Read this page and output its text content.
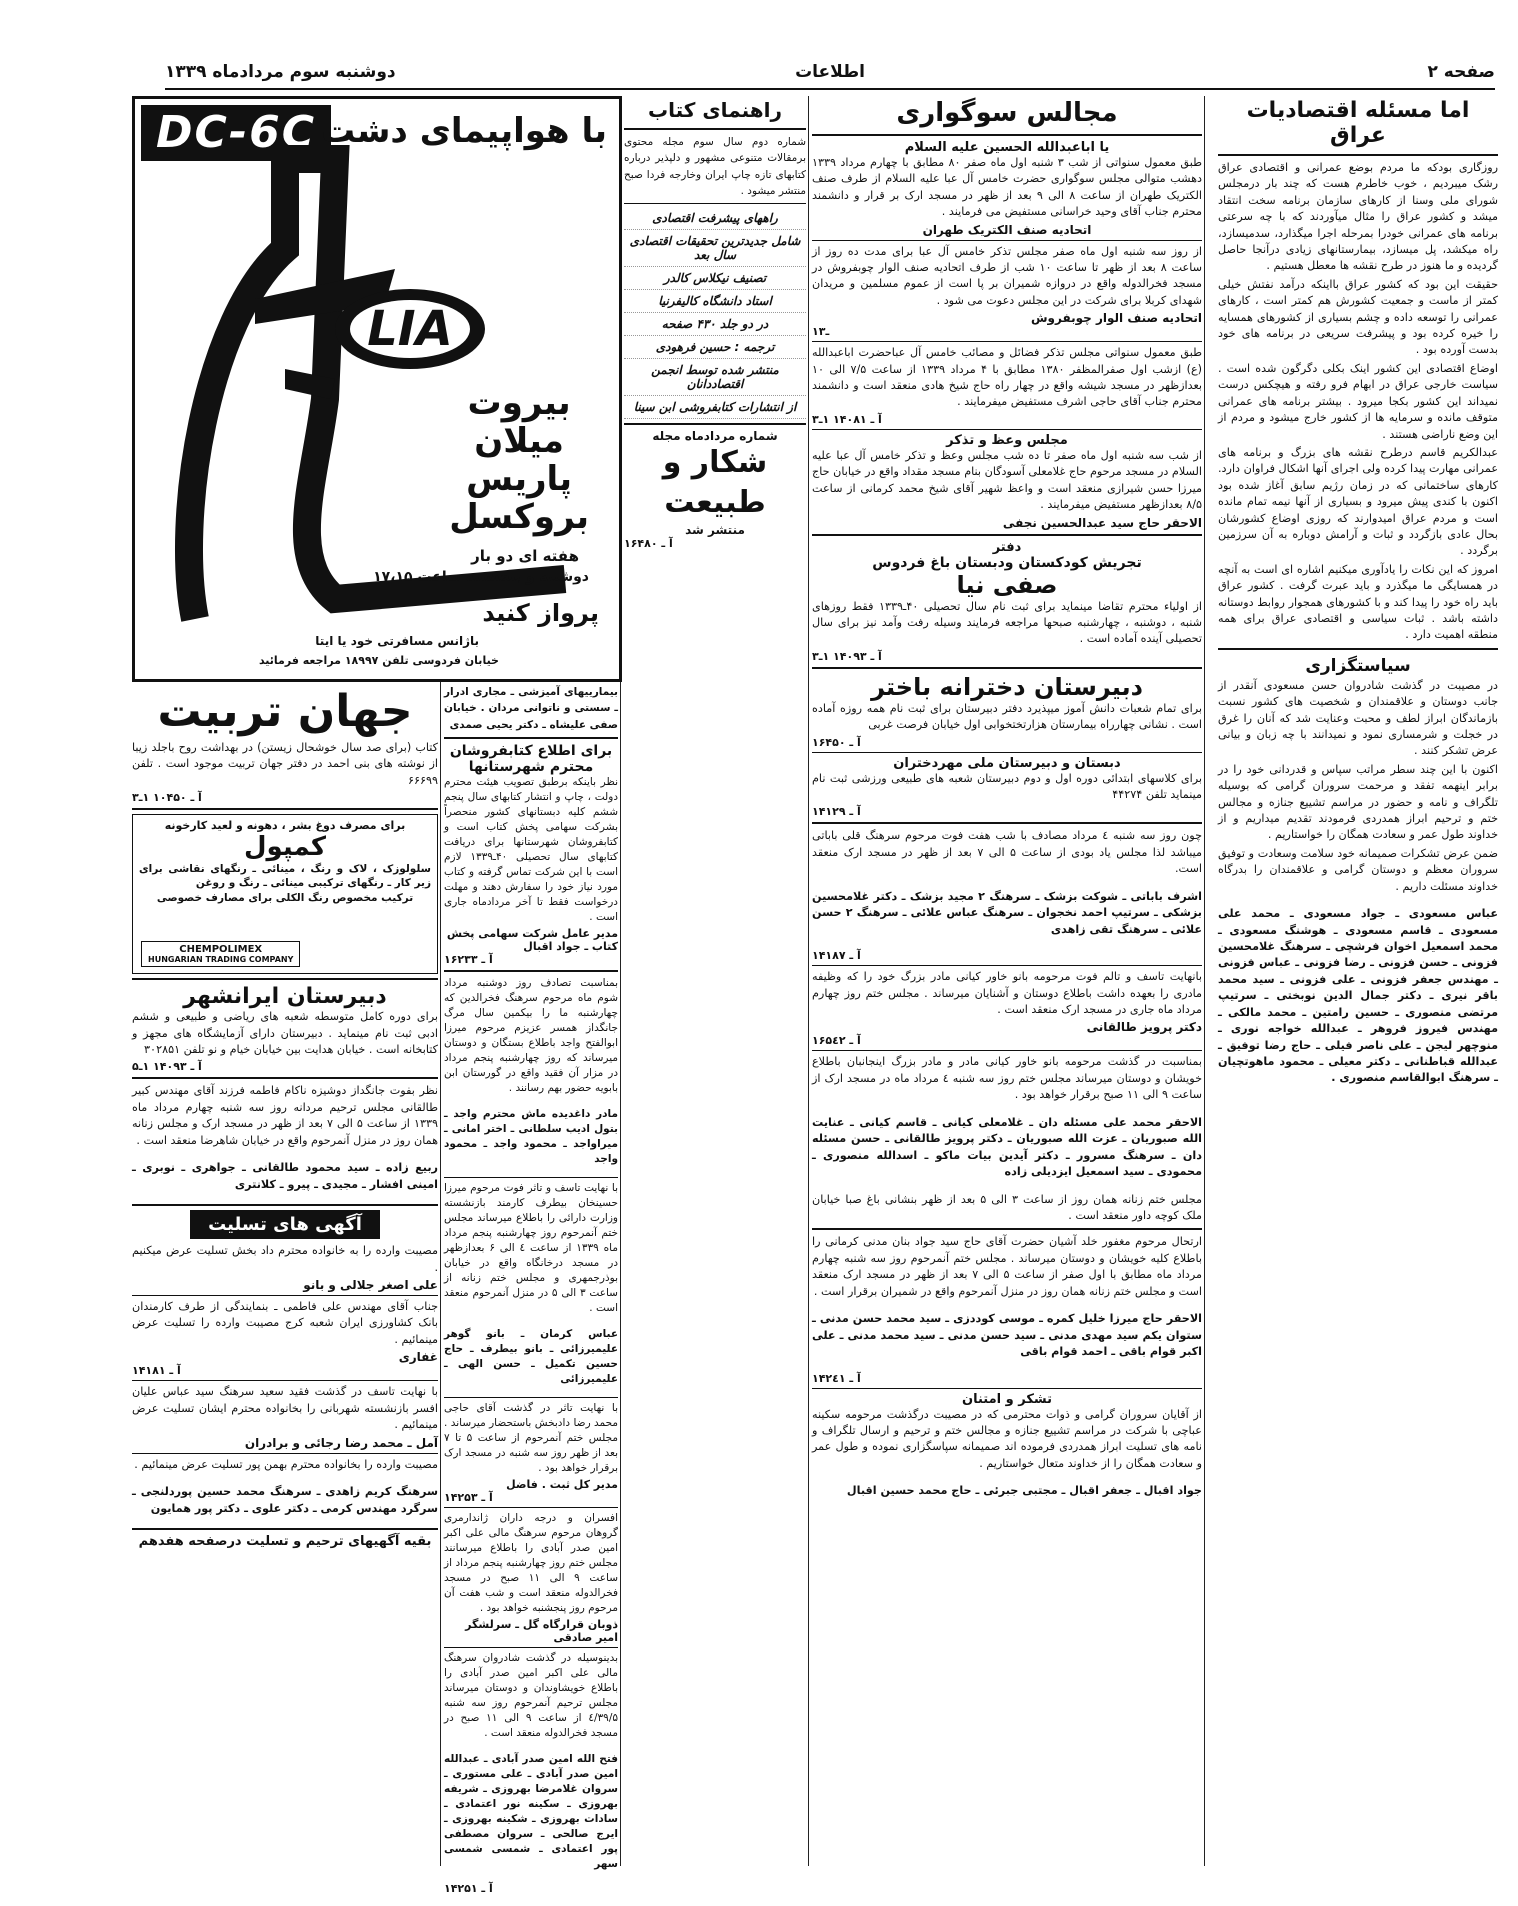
صفحه ۲
اطلاعات
دوشنبه سوم مردادماه ۱۳۳۹
اما مسئله اقتصادیات عراق

روزگاری بودکه ما مردم بوضع عمرانی و اقتصادی عراق رشک میبردیم ، خوب خاطرم هست که چند بار درمجلس شورای ملی وسنا از کارهای سازمان برنامه سخت انتقاد میشد و کشور عراق را مثال میآوردند که با چه سرعتی برنامه های عمرانی خودرا بمرحله اجرا میگذارد، سدمیسازد، راه میکشد، پل میسازد، بیمارستانهای زیادی درآنجا حاصل گردیده و ما هنوز در طرح نقشه ها معطل هستیم .

حقیقت این بود که کشور عراق بااینکه درآمد نفتش خیلی کمتر از ماست و جمعیت کشورش هم کمتر است ، کارهای عمرانی را توسعه داده و چشم بسیاری از کشورهای همسایه را خیره کرده بود و پیشرفت سریعی در برنامه های خود بدست آورده بود .

اوضاع اقتصادی این کشور اینک بکلی دگرگون شده است . سیاست خارجی عراق در ابهام فرو رفته و هیچکس درست نمیداند این کشور بکجا میرود . بیشتر برنامه های عمرانی متوقف مانده و سرمایه ها از کشور خارج میشود و مردم از این وضع ناراضی هستند .

عبدالکریم قاسم درطرح نقشه های بزرگ و برنامه های عمرانی مهارت پیدا کرده ولی اجرای آنها اشکال فراوان دارد. کارهای ساختمانی که در زمان رژیم سابق آغاز شده بود اکنون با کندی پیش میرود و بسیاری از آنها نیمه تمام مانده است و مردم عراق امیدوارند که روزی اوضاع کشورشان بحال عادی بازگردد و ثبات و آرامش دوباره به آن سرزمین برگردد .

امروز که این نکات را یادآوری میکنیم اشاره ای است به آنچه در همسایگی ما میگذرد و باید عبرت گرفت . کشور عراق باید راه خود را پیدا کند و با کشورهای همجوار روابط دوستانه داشته باشد . ثبات سیاسی و اقتصادی عراق برای همه منطقه اهمیت دارد .

سیاستگزاری

در مصیبت در گذشت شادروان حسن مسعودی آنقدر از جانب دوستان و علاقمندان و شخصیت های کشور نسبت بازماندگان ابراز لطف و محبت وعنایت شد که آنان را غرق در خجلت و شرمساری نمود و نمیدانند با چه زبان و بیانی عرض تشکر کنند .

اکنون با این چند سطر مراتب سپاس و قدردانی خود را در برابر اینهمه تفقد و مرحمت سروران گرامی که بوسیله تلگراف و نامه و حضور در مراسم تشییع جنازه و مجالس ختم و ترحیم ابراز همدردی فرمودند تقدیم میداریم و از خداوند طول عمر و سعادت همگان را خواستاریم .

ضمن عرض تشکرات صمیمانه خود سلامت وسعادت و توفیق سروران معظم و دوستان گرامی و علاقمندان را بدرگاه خداوند مسئلت داریم .

عباس مسعودی ـ جواد مسعودی ـ محمد علی مسعودی ـ قاسم مسعودی ـ هوشنگ مسعودی ـ محمد اسمعیل اخوان فرشچی ـ سرهنگ غلامحسین فزونی ـ حسن فزونی ـ رضا فزونی ـ عباس فزونی ـ مهندس جعفر فزونی ـ علی فزونی ـ سید محمد باقر نیری ـ دکتر جمال الدین نوبختی ـ سرتیپ مرتضی منصوری ـ حسین رامتین ـ محمد مالکی ـ مهندس فیروز فروهر ـ عبدالله خواجه نوری ـ منوچهر لیجن ـ علی ناصر فیلی ـ حاج رضا توفیق ـ عبدالله قباطنانی ـ دکتر معیلی ـ محمود ماهوتچیان ـ سرهنگ ابوالقاسم منصوری .

مجالس سوگواری
یا اباعبدالله الحسین علیه السلام

طبق معمول سنواتی از شب ۳ شنبه اول ماه صفر ۸۰ مطابق با چهارم مرداد ۱۳۳۹ دهشب متوالی مجلس سوگواری حضرت خامس آل عبا علیه السلام از طرف صنف الکتریک طهران از ساعت ۸ الی ۹ بعد از ظهر در مسجد ارک بر قرار و دانشمند محترم جناب آقای وحید خراسانی مستفیض می فرمایند .

اتحادیه صنف الکتریک طهران

از روز سه شنبه اول ماه صفر مجلس تذکر خامس آل عبا برای مدت ده روز از ساعت ۸ بعد از ظهر تا ساعت ۱۰ شب از طرف اتحادیه صنف الوار چوبفروش در مسجد فخرالدوله واقع در دروازه شمیران بر پا است از عموم مسلمین و مریدان شهدای کربلا برای شرکت در این مجلس دعوت می شود .

اتحادیه صنف الوار چوبفروش
۱ـ۳

طبق معمول سنواتی مجلس تذکر فضائل و مصائب خامس آل عباحضرت اباعبدالله (ع) ازشب اول صفرالمظفر ۱۳۸۰ مطابق با ۴ مرداد ۱۳۳۹ از ساعت ۷/۵ الی ۱۰ بعدازظهر در مسجد شیشه واقع در چهار راه حاج شیخ هادی منعقد است و دانشمند محترم جناب آقای حاجی اشرف مستفیض میفرمایند .

آ ـ ۱۴۰۸۱ ۱ـ۳
مجلس وعظ و تذکر

از شب سه شنبه اول ماه صفر تا ده شب مجلس وعظ و تذکر خامس آل عبا علیه السلام در مسجد مرحوم حاج غلامعلی آسودگان بنام مسجد مقداد واقع در خیابان حاج میرزا حسن شیرازی منعقد است و واعظ شهیر آقای شیخ محمد کرمانی از ساعت ۸/۵ بعدازظهر مستفیض میفرمایند .

الاحقر حاج سید عبدالحسین نجفی
دفتر
تجریش کودکستان ودبستان باغ فردوس
صفی نیا

از اولیاء محترم تقاضا مینماید برای ثبت نام سال تحصیلی ۴۰ـ۱۳۳۹ فقط روزهای شنبه ، دوشنبه ، چهارشنبه صبحها مراجعه فرمایند وسیله رفت وآمد نیز برای سال تحصیلی آینده آماده است .

آ ـ ۱۴۰۹۳ ۱ـ۳
دبیرستان دخترانه باختر

برای تمام شعبات دانش آموز میپذیرد دفتر دبیرستان برای ثبت نام همه روزه آماده است . نشانی چهارراه بیمارستان هزارتختخوابی اول خیابان فرصت غربی

آ ـ ۱۶۴۵۰
دبستان و دبیرستان ملی مهردختران

برای کلاسهای ابتدائی دوره اول و دوم دبیرستان شعبه های طبیعی ورزشی ثبت نام مینماید تلفن ۴۴۲۷۴

آ ـ ۱۴۱۲۹

چون روز سه شنبه ٤ مرداد مصادف با شب هفت فوت مرحوم سرهنگ قلی باباتی میباشد لذا مجلس یاد بودی از ساعت ۵ الی ۷ بعد از ظهر در مسجد ارک منعقد است.

اشرف باباتی ـ شوکت بزشک ـ سرهنگ ۲ مجید بزشک ـ دکتر غلامحسین بزشکی ـ سرتیپ احمد نخجوان ـ سرهنگ عباس علائی ـ سرهنگ ۲ حسن علائی ـ سرهنگ تقی زاهدی

آ ـ ۱۴۱۸۷

بانهایت تاسف و تالم فوت مرحومه بانو خاور کیانی مادر بزرگ خود را که وظیفه مادری را بعهده داشت باطلاع دوستان و آشنایان میرساند . مجلس ختم روز چهارم مرداد ماه جاری در مسجد ارک منعقد است .

دکتر پرویز طالقانی
آ ـ ۱۶۵٤٢

بمناسبت در گذشت مرحومه بانو خاور کیانی مادر و مادر بزرگ اینجانبان باطلاع خویشان و دوستان میرساند مجلس ختم روز سه شنبه ٤ مرداد ماه در مسجد ارک از ساعت ۹ الی ۱۱ صبح برقرار خواهد بود .

الاحقر محمد علی مسئله دان ـ غلامعلی کیانی ـ قاسم کیانی ـ عنایت الله صبوریان ـ عزت الله صبوریان ـ دکتر پرویز طالقانی ـ حسن مسئله دان ـ سرهنگ مسرور ـ دکتر آیدین بیات ماکو ـ اسدالله منصوری ـ محمودی ـ سید اسمعیل ایزدیلی زاده

مجلس ختم زنانه همان روز از ساعت ۳ الی ۵ بعد از ظهر بنشانی باغ صبا خیابان ملک کوچه داور منعقد است .

ارتحال مرحوم مغفور خلد آشیان حضرت آقای حاج سید جواد بنان مدنی کرمانی را باطلاع کلیه خویشان و دوستان میرساند . مجلس ختم آنمرحوم روز سه شنبه چهارم مرداد ماه مطابق با اول صفر از ساعت ۵ الی ۷ بعد از ظهر در مسجد ارک منعقد است و مجلس ختم زنانه همان روز در منزل آنمرحوم واقع در شمیران برقرار است .

الاحقر حاج میرزا خلیل کمره ـ موسی کوددزی ـ سید محمد حسن مدنی ـ ستوان یکم سید مهدی مدنی ـ سید حسن مدنی ـ سید محمد مدنی ـ علی اکبر قوام باقی ـ احمد قوام باقی

آ ـ ۱۴۲٤١
تشکر و امتنان

از آقایان سروران گرامی و ذوات محترمی که در مصیبت درگذشت مرحومه سکینه عباچی با شرکت در مراسم تشییع جنازه و مجالس ختم و ترحیم و ارسال تلگراف و نامه های تسلیت ابراز همدردی فرموده اند صمیمانه سپاسگزاری نموده و طول عمر و سعادت همگان را از خداوند متعال خواستاریم .

جواد اقبال ـ جعفر اقبال ـ مجتبی جبرئی ـ حاج محمد حسین اقبال

راهنمای کتاب

شماره دوم سال سوم مجله محتوی برمقالات متنوعی مشهور و دلپذیر درباره کتابهای تازه چاپ ایران وخارجه فردا صبح منتشر میشود .

راههای پیشرفت اقتصادی
شامل جدیدترین تحقیقات اقتصادی سال بعد
تصنیف نیکلاس کالدر
استاد دانشگاه کالیفرنیا
در دو جلد ۴۳۰ صفحه
ترجمه : حسین فرهودی
منتشر شده توسط انجمن اقتصاددانان
از انتشارات کتابفروشی ابن سینا
شماره مردادماه مجله
شکار و طبیعت
منتشر شد
آ ـ ۱۶۴۸۰
DC-6C با هواپیمای دشت
LIA
بیروت
میلان
پاریس
بروکسل
هفته ای دو بار
دوشنبه و پنجشنبه ساعت ۱۷،۱۵
پرواز کنید
باژانس مسافرتی خود یا ایتا
خیابان فردوسی تلفن ۱۸۹۹۷ مراجعه فرمائید

بیمارییهای آمیزشی ـ مجاری ادرار ـ سستی و ناتوانی مردان . خیابان صفی علیشاه ـ دکتر یحیی صمدی

برای اطلاع کتابفروشان محترم شهرستانها

نظر باینکه برطبق تصویب هیئت محترم دولت ، چاپ و انتشار کتابهای سال پنجم ششم کلیه دبستانهای کشور منحصراً بشرکت سهامی پخش کتاب است و کتابفروشان شهرستانها برای دریافت کتابهای سال تحصیلی ۴۰ـ۱۳۳۹ لازم است با این شرکت تماس گرفته و کتاب مورد نیاز خود را سفارش دهند و مهلت درخواست فقط تا آخر مردادماه جاری است .

مدیر عامل شرکت سهامی پخش کتاب ـ جواد اقبال
آ ـ ۱۶۲۳۳

بمناسبت تصادف روز دوشنبه مرداد شوم ماه مرحوم سرهنگ فخرالدین که چهارشنبه ما را بیکمین سال مرگ جانگداز همسر عزیزم مرحوم میرزا ابوالفتح واجد باطلاع بستگان و دوستان میرساند که روز چهارشنبه پنجم مرداد در مزار آن فقید واقع در گورستان ابن بابویه حضور بهم رسانند .

مادر داغدیده ماش محترم واجد ـ بتول ادیب سلطانی ـ اختر امانی ـ میراواجد ـ محمود واجد ـ محمود واجد

با نهایت تاسف و تاثر فوت مرحوم میرزا حسینخان بیطرف کارمند بازنشسته وزارت دارائی را باطلاع میرساند مجلس ختم آنمرحوم روز چهارشنبه پنجم مرداد ماه ۱۳۳۹ از ساعت ٤ الی ۶ بعدازظهر در مسجد درخانگاه واقع در خیابان بوذرجمهری و مجلس ختم زنانه از ساعت ۳ الی ۵ در منزل آنمرحوم منعقد است .

عباس کرمان ـ بانو گوهر علیمیرزائی ـ بانو بیطرف ـ حاج حسین تکمیل ـ حسن الهی ـ علیمیرزائی

با نهایت تاثر در گذشت آقای حاجی محمد رضا دادبخش باستحضار میرساند . مجلس ختم آنمرحوم از ساعت ۵ تا ۷ بعد از ظهر روز سه شنبه در مسجد ارک برقرار خواهد بود .

مدیر کل ثبت . فاضل
آ ـ ۱۴۲۵۳

افسران و درجه داران ژاندارمری گروهان مرحوم سرهنگ مالی علی اکبر امین صدر آبادی را باطلاع میرسانند مجلس ختم روز چهارشنبه پنجم مرداد از ساعت ۹ الی ۱۱ صبح در مسجد فخرالدوله منعقد است و شب هفت آن مرحوم روز پنجشنبه خواهد بود .

ذوبان قرارگاه گل ـ سرلشگر امیر صادقی

بدینوسیله در گذشت شادروان سرهنگ مالی علی اکبر امین صدر آبادی را باطلاع خویشاوندان و دوستان میرساند مجلس ترحیم آنمرحوم روز سه شنبه ٤/۳۹/۵ از ساعت ۹ الی ۱۱ صبح در مسجد فخرالدوله منعقد است .

فتح الله امین صدر آبادی ـ عبدالله امین صدر آبادی ـ علی مستوری ـ سروان غلامرضا بهروزی ـ شریفه بهروزی ـ سکینه نور اعتمادی ـ سادات بهروزی ـ شکینه بهروزی ـ ایرج صالحی ـ سروان مصطفی پور اعتمادی ـ شمسی شمسی سهر

آ ـ ۱۴۲۵۱
جهان تربیت

کتاب (برای صد سال خوشحال زیستن) در بهداشت روح باجلد زیبا از نوشته های بنی احمد در دفتر جهان تربیت موجود است . تلفن ۶۶۶۹۹

آ ـ ۱۰۴۵۰ ۱ـ۳
برای مصرف دوغ بشر ، دهونه و لعید کارخونه
کمپول
سلولوزک ، لاک و رنگ ، مینائی ـ رنگهای نقاشی برای زیر کار ـ رنگهای ترکیبی مینائی ـ رنگ و روغن
ترکیب مخصوص رنگ الکلی برای مصارف خصوصی
CHEMPOLIMEX
HUNGARIAN TRADING COMPANY
دبیرستان ایرانشهر

برای دوره کامل متوسطه شعبه های ریاضی و طبیعی و ششم ادبی ثبت نام مینماید . دبیرستان دارای آزمایشگاه های مجهز و کتابخانه است . خیابان هدایت بین خیابان خیام و نو تلفن ۳۰۲۸۵۱

آ ـ ۱۴۰۹۳ ۱ـ۵

نظر بفوت جانگداز دوشیزه ناکام فاطمه فرزند آقای مهندس کبیر طالقانی مجلس ترحیم مردانه روز سه شنبه چهارم مرداد ماه ۱۳۳۹ از ساعت ۵ الی ۷ بعد از ظهر در مسجد ارک و مجلس زنانه همان روز در منزل آنمرحوم واقع در خیابان شاهرضا منعقد است .

ربیع زاده ـ سید محمود طالقانی ـ جواهری ـ نوبری ـ امینی افشار ـ مجیدی ـ پیرو ـ کلانتری

آگهی های تسلیت

مصیبت وارده را به خانواده محترم داد بخش تسلیت عرض میکنیم .

علی اصغر جلالی و بانو

جناب آقای مهندس علی فاطمی ـ بنمایندگی از طرف کارمندان بانک کشاورزی ایران شعبه کرج مصیبت وارده را تسلیت عرض مینمائیم .

غفاری
آ ـ ۱۴۱۸۱

با نهایت تاسف در گذشت فقید سعید سرهنگ سید عباس علیان افسر بازنشسته شهربانی را بخانواده محترم ایشان تسلیت عرض مینمائیم .

آمل ـ محمد رضا رجائی و برادران

مصیبت وارده را بخانواده محترم بهمن پور تسلیت عرض مینمائیم .

سرهنگ کریم زاهدی ـ سرهنگ محمد حسین پوردلنجی ـ سرگرد مهندس کرمی ـ دکتر علوی ـ دکتر پور همایون

بقیه آگهیهای ترحیم و تسلیت درصفحه هفدهم
